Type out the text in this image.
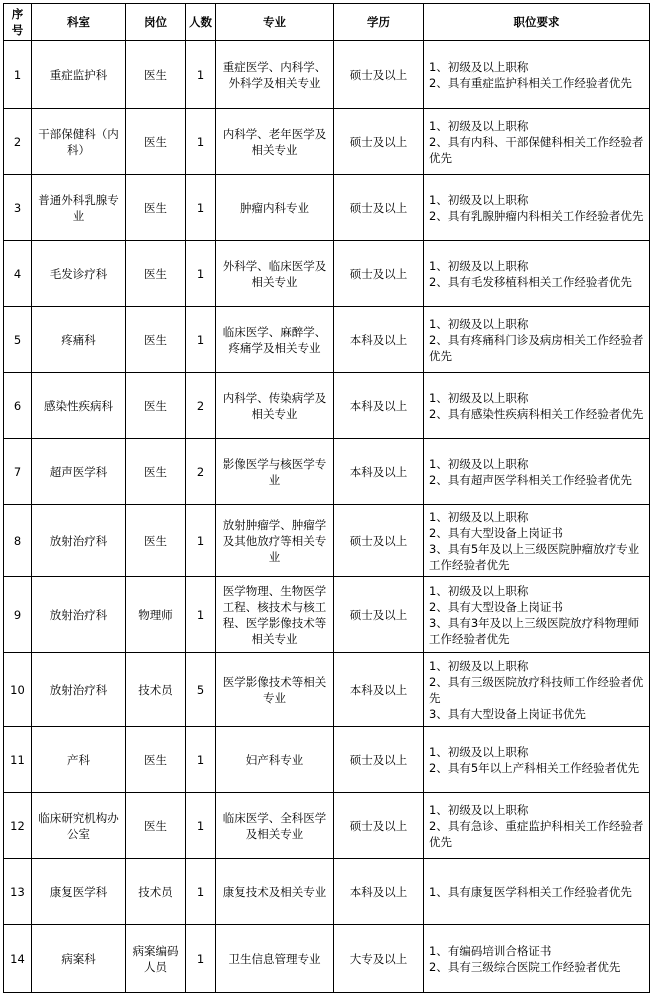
序号	科室	岗位	人数	专业	学历	职位要求
1	重症监护科	医生	1	重症医学、内科学、外科学及相关专业	硕士及以上	1、初级及以上职称
2、具有重症监护科相关工作经验者优先

2	干部保健科（内科）	医生	1	内科学、老年医学及相关专业	硕士及以上	1、初级及以上职称
2、具有内科、干部保健科相关工作经验者优先

3	普通外科乳腺专业	医生	1	肿瘤内科专业	硕士及以上	1、初级及以上职称
2、具有乳腺肿瘤内科相关工作经验者优先

4	毛发诊疗科	医生	1	外科学、临床医学及相关专业	硕士及以上	1、初级及以上职称
2、具有毛发移植科相关工作经验者优先

5	疼痛科	医生	1	临床医学、麻醉学、疼痛学及相关专业	本科及以上	1、初级及以上职称
2、具有疼痛科门诊及病房相关工作经验者优先

6	感染性疾病科	医生	2	内科学、传染病学及相关专业	本科及以上	1、初级及以上职称
2、具有感染性疾病科相关工作经验者优先

7	超声医学科	医生	2	影像医学与核医学专业	本科及以上	1、初级及以上职称
2、具有超声医学科相关工作经验者优先

8	放射治疗科	医生	1	放射肿瘤学、肿瘤学及其他放疗等相关专业	硕士及以上	1、初级及以上职称
2、具有大型设备上岗证书
3、具有5年及以上三级医院肿瘤放疗专业工作经验者优先

9	放射治疗科	物理师	1	医学物理、生物医学工程、核技术与核工程、医学影像技术等相关专业	硕士及以上	1、初级及以上职称
2、具有大型设备上岗证书
3、具有3年及以上三级医院放疗科物理师工作经验者优先

10	放射治疗科	技术员	5	医学影像技术等相关专业	本科及以上	1、初级及以上职称
2、具有三级医院放疗科技师工作经验者优先
3、具有大型设备上岗证书优先

11	产科	医生	1	妇产科专业	硕士及以上	1、初级及以上职称
2、具有5年以上产科相关工作经验者优先

12	临床研究机构办公室	医生	1	临床医学、全科医学及相关专业	硕士及以上	1、初级及以上职称
2、具有急诊、重症监护科相关工作经验者优先

13	康复医学科	技术员	1	康复技术及相关专业	本科及以上	1、具有康复医学科相关工作经验者优先

14	病案科	病案编码人员	1	卫生信息管理专业	大专及以上	1、有编码培训合格证书
2、具有三级综合医院工作经验者优先
